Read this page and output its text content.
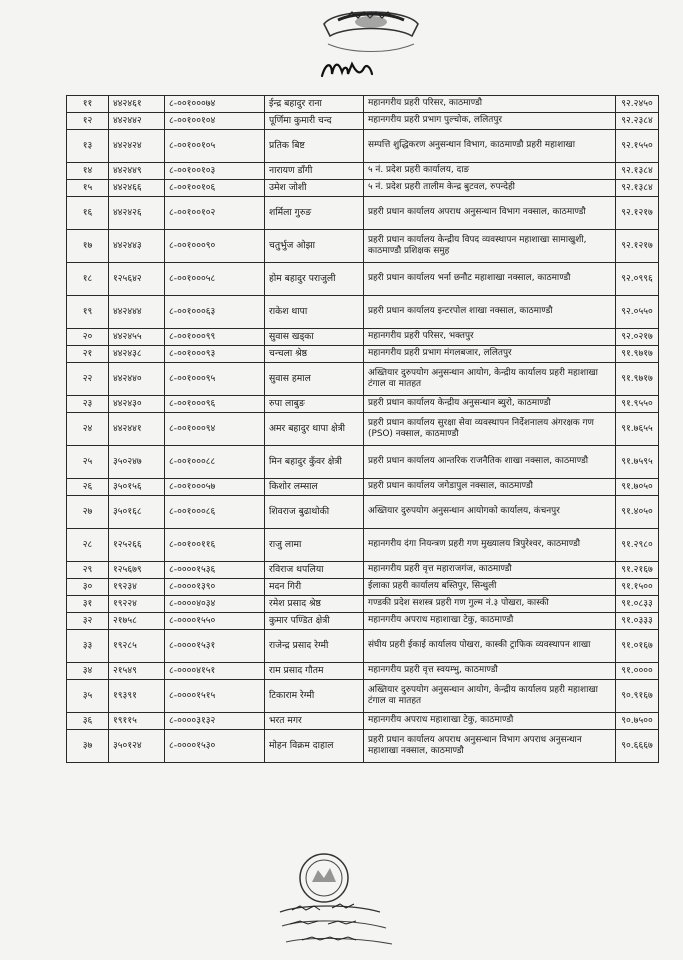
११	४४२४६१	८-००१०००७४	ईन्द्र बहादुर राना	महानगरीय प्रहरी परिसर, काठमाण्डौ	९२.२४५०
१२	४४२४४२	८-००१००१०४	पूर्णिमा कुमारी चन्द	महानगरीय प्रहरी प्रभाग पुल्चोक, ललितपुर	९२.२३८४
१३	४४२४२४	८-००१००१०५	प्रतिक बिष्ट	सम्पत्ति शुद्धिकरण अनुसन्धान विभाग, काठमाण्डौ प्रहरी महाशाखा	९२.१५५०
१४	४४२४४९	८-००१००१०३	नारायण डाँगी	५ नं. प्रदेश प्रहरी कार्यालय, दाङ	९२.१३८४
१५	४४२४६६	८-००१००१०६	उमेश जोशी	५ नं. प्रदेश प्रहरी तालीम केन्द्र बुटवल, रुपन्देही	९२.१३८४
१६	४४२४२६	८-००१००१०२	शर्मिला गुरुङ	प्रहरी प्रधान कार्यालय अपराध अनुसन्धान विभाग नक्साल, काठमाण्डौ	९२.१२१७
१७	४४२४४३	८-००१०००९०	चतुर्भुज ओझा	प्रहरी प्रधान कार्यालय केन्द्रीय विपद व्यवस्थापन महाशाखा सामाखुशी, काठमाण्डौ प्रशिक्षक समुह	९२.१२१७
१८	१२५६४२	८-००१०००५८	होम बहादुर पराजुली	प्रहरी प्रधान कार्यालय भर्ना छनौट महाशाखा नक्साल, काठमाण्डौ	९२.०९९६
१९	४४२४४४	८-००१०००६३	राकेश थापा	प्रहरी प्रधान कार्यालय इन्टरपोल शाखा नक्साल, काठमाण्डौ	९२.०५५०
२०	४४२४५५	८-००१०००९९	सुवास खड्का	महानगरीय प्रहरी परिसर, भक्तपुर	९२.०२१७
२१	४४२४३८	८-००१०००९३	चन्चला श्रेष्ठ	महानगरीय प्रहरी प्रभाग मंगलबजार, ललितपुर	९१.९७१७
२२	४४२४४०	८-००१०००९५	सुवास हमाल	अख्तियार दुरुपयोग अनुसन्धान आयोग, केन्द्रीय कार्यालय प्रहरी महाशाखा टंगाल वा मातहत	९१.९७१७
२३	४४२४३०	८-००१०००९६	रुपा लाबुङ	प्रहरी प्रधान कार्यालय केन्द्रीय अनुसन्धान ब्युरो, काठमाण्डौ	९१.९५५०
२४	४४२४४१	८-००१०००९४	अमर बहादुर थापा क्षेत्री	प्रहरी प्रधान कार्यालय सुरक्षा सेवा व्यवस्थापन निर्देशनालय अंगरक्षक गण (PSO) नक्साल, काठमाण्डौ	९१.७६५५
२५	३५०२४७	८-००१०००८८	मिन बहादुर कुँवर क्षेत्री	प्रहरी प्रधान कार्यालय आन्तरिक राजनैतिक शाखा नक्साल, काठमाण्डौ	९१.७५९५
२६	३५०१५६	८-००१०००५७	किशोर लम्साल	प्रहरी प्रधान कार्यालय जगेडापुल नक्साल, काठमाण्डौ	९१.७०५०
२७	३५०१६८	८-००१०००८६	शिवराज बुढाथोकी	अख्तियार दुरुपयोग अनुसन्धान आयोगको कार्यालय, कंचनपुर	९१.४०५०
२८	१२५२६६	८-००१००११६	राजु लामा	महानगरीय दंगा नियन्त्रण प्रहरी गण मुख्यालय त्रिपुरेश्वर, काठमाण्डौ	९१.२९८०
२९	१२५६७९	८-००००१५३६	रविराज थपलिया	महानगरीय प्रहरी वृत्त महाराजगंज, काठमाण्डौ	९१.२१६७
३०	१९२३४	८-००००१३९०	मदन गिरी	ईलाका प्रहरी कार्यालय बस्तिपुर, सिन्धुली	९१.१५००
३१	१९२२४	८-००००४०३४	रमेश प्रसाद श्रेष्ठ	गण्डकी प्रदेश सशस्त्र प्रहरी गण गुल्म नं.३ पोखरा, कास्की	९१.०८३३
३२	२१७५८	८-००००१५५०	कुमार पण्डित क्षेत्री	महानगरीय अपराध महाशाखा टेकु, काठमाण्डौ	९१.०३३३
३३	१९२८५	८-००००१५३१	राजेन्द्र प्रसाद रेग्मी	संघीय प्रहरी ईकाई कार्यालय पोखरा, कास्की ट्राफिक व्यवस्थापन शाखा	९१.०१६७
३४	२१५४९	८-००००४१५१	राम प्रसाद गौतम	महानगरीय प्रहरी वृत्त स्वयम्भु, काठमाण्डौ	९१.००००
३५	१९३९१	८-००००१५१५	टिकाराम रेग्मी	अख्तियार दुरुपयोग अनुसन्धान आयोग, केन्द्रीय कार्यालय प्रहरी महाशाखा टंगाल वा मातहत	९०.९१६७
३६	१९११५	८-००००३१३२	भरत मगर	महानगरीय अपराध महाशाखा टेकु, काठमाण्डौ	९०.७५००
३७	३५०१२४	८-००००१५३०	मोहन विक्रम दाहाल	प्रहरी प्रधान कार्यालय अपराध अनुसन्धान विभाग अपराध अनुसन्धान महाशाखा नक्साल, काठमाण्डौ	९०.६६६७
